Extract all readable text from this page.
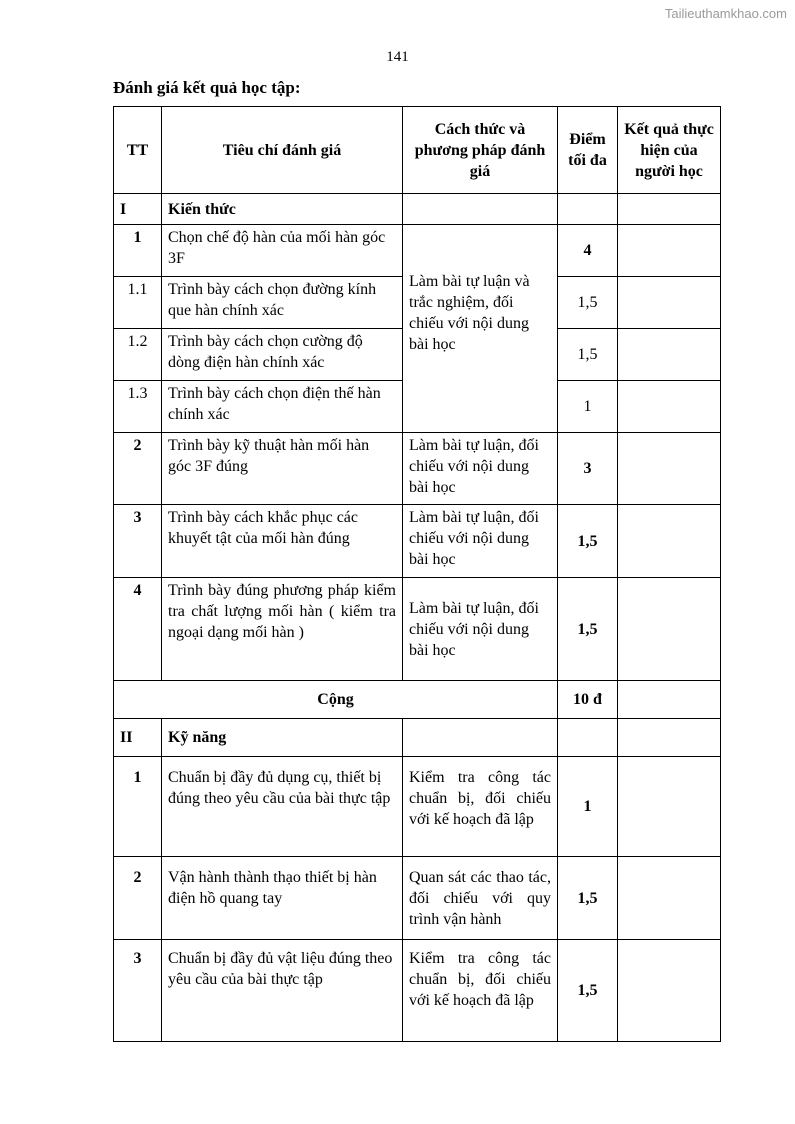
Tailieuthamkhao.com
141
Đánh giá kết quả học tập:
TT	Tiêu chí đánh giá	Cách thức và phương pháp đánh giá	Điểm tối đa	Kết quả thực hiện của người học
I	Kiến thức			
1	Chọn chế độ hàn của mối hàn góc 3F	Làm bài tự luận và trắc nghiệm, đối chiếu với nội dung bài học	4	
1.1	Trình bày cách chọn đường kính que hàn chính xác		1,5	
1.2	Trình bày cách chọn cường độ dòng điện hàn chính xác		1,5	
1.3	Trình bày cách chọn điện thế hàn chính xác		1	
2	Trình bày kỹ thuật hàn mối hàn góc 3F đúng	Làm bài tự luận, đối chiếu với nội dung bài học	3	
3	Trình bày cách khắc phục các khuyết tật của mối hàn đúng	Làm bài tự luận, đối chiếu với nội dung bài học	1,5	
4	Trình bày đúng phương pháp kiểm tra chất lượng mối hàn ( kiểm tra ngoại dạng mối hàn )	Làm bài tự luận, đối chiếu với nội dung bài học	1,5	
Cộng			10 đ	
II	Kỹ năng			
1	Chuẩn bị đầy đủ dụng cụ, thiết bị đúng theo yêu cầu của bài thực tập	Kiểm tra công tác chuẩn bị, đối chiếu với kế hoạch đã lập	1	
2	Vận hành thành thạo thiết bị hàn điện hồ quang tay	Quan sát các thao tác, đối chiếu với quy trình vận hành	1,5	
3	Chuẩn bị đầy đủ vật liệu đúng theo yêu cầu của bài thực tập	Kiểm tra công tác chuẩn bị, đối chiếu với kế hoạch đã lập	1,5	
